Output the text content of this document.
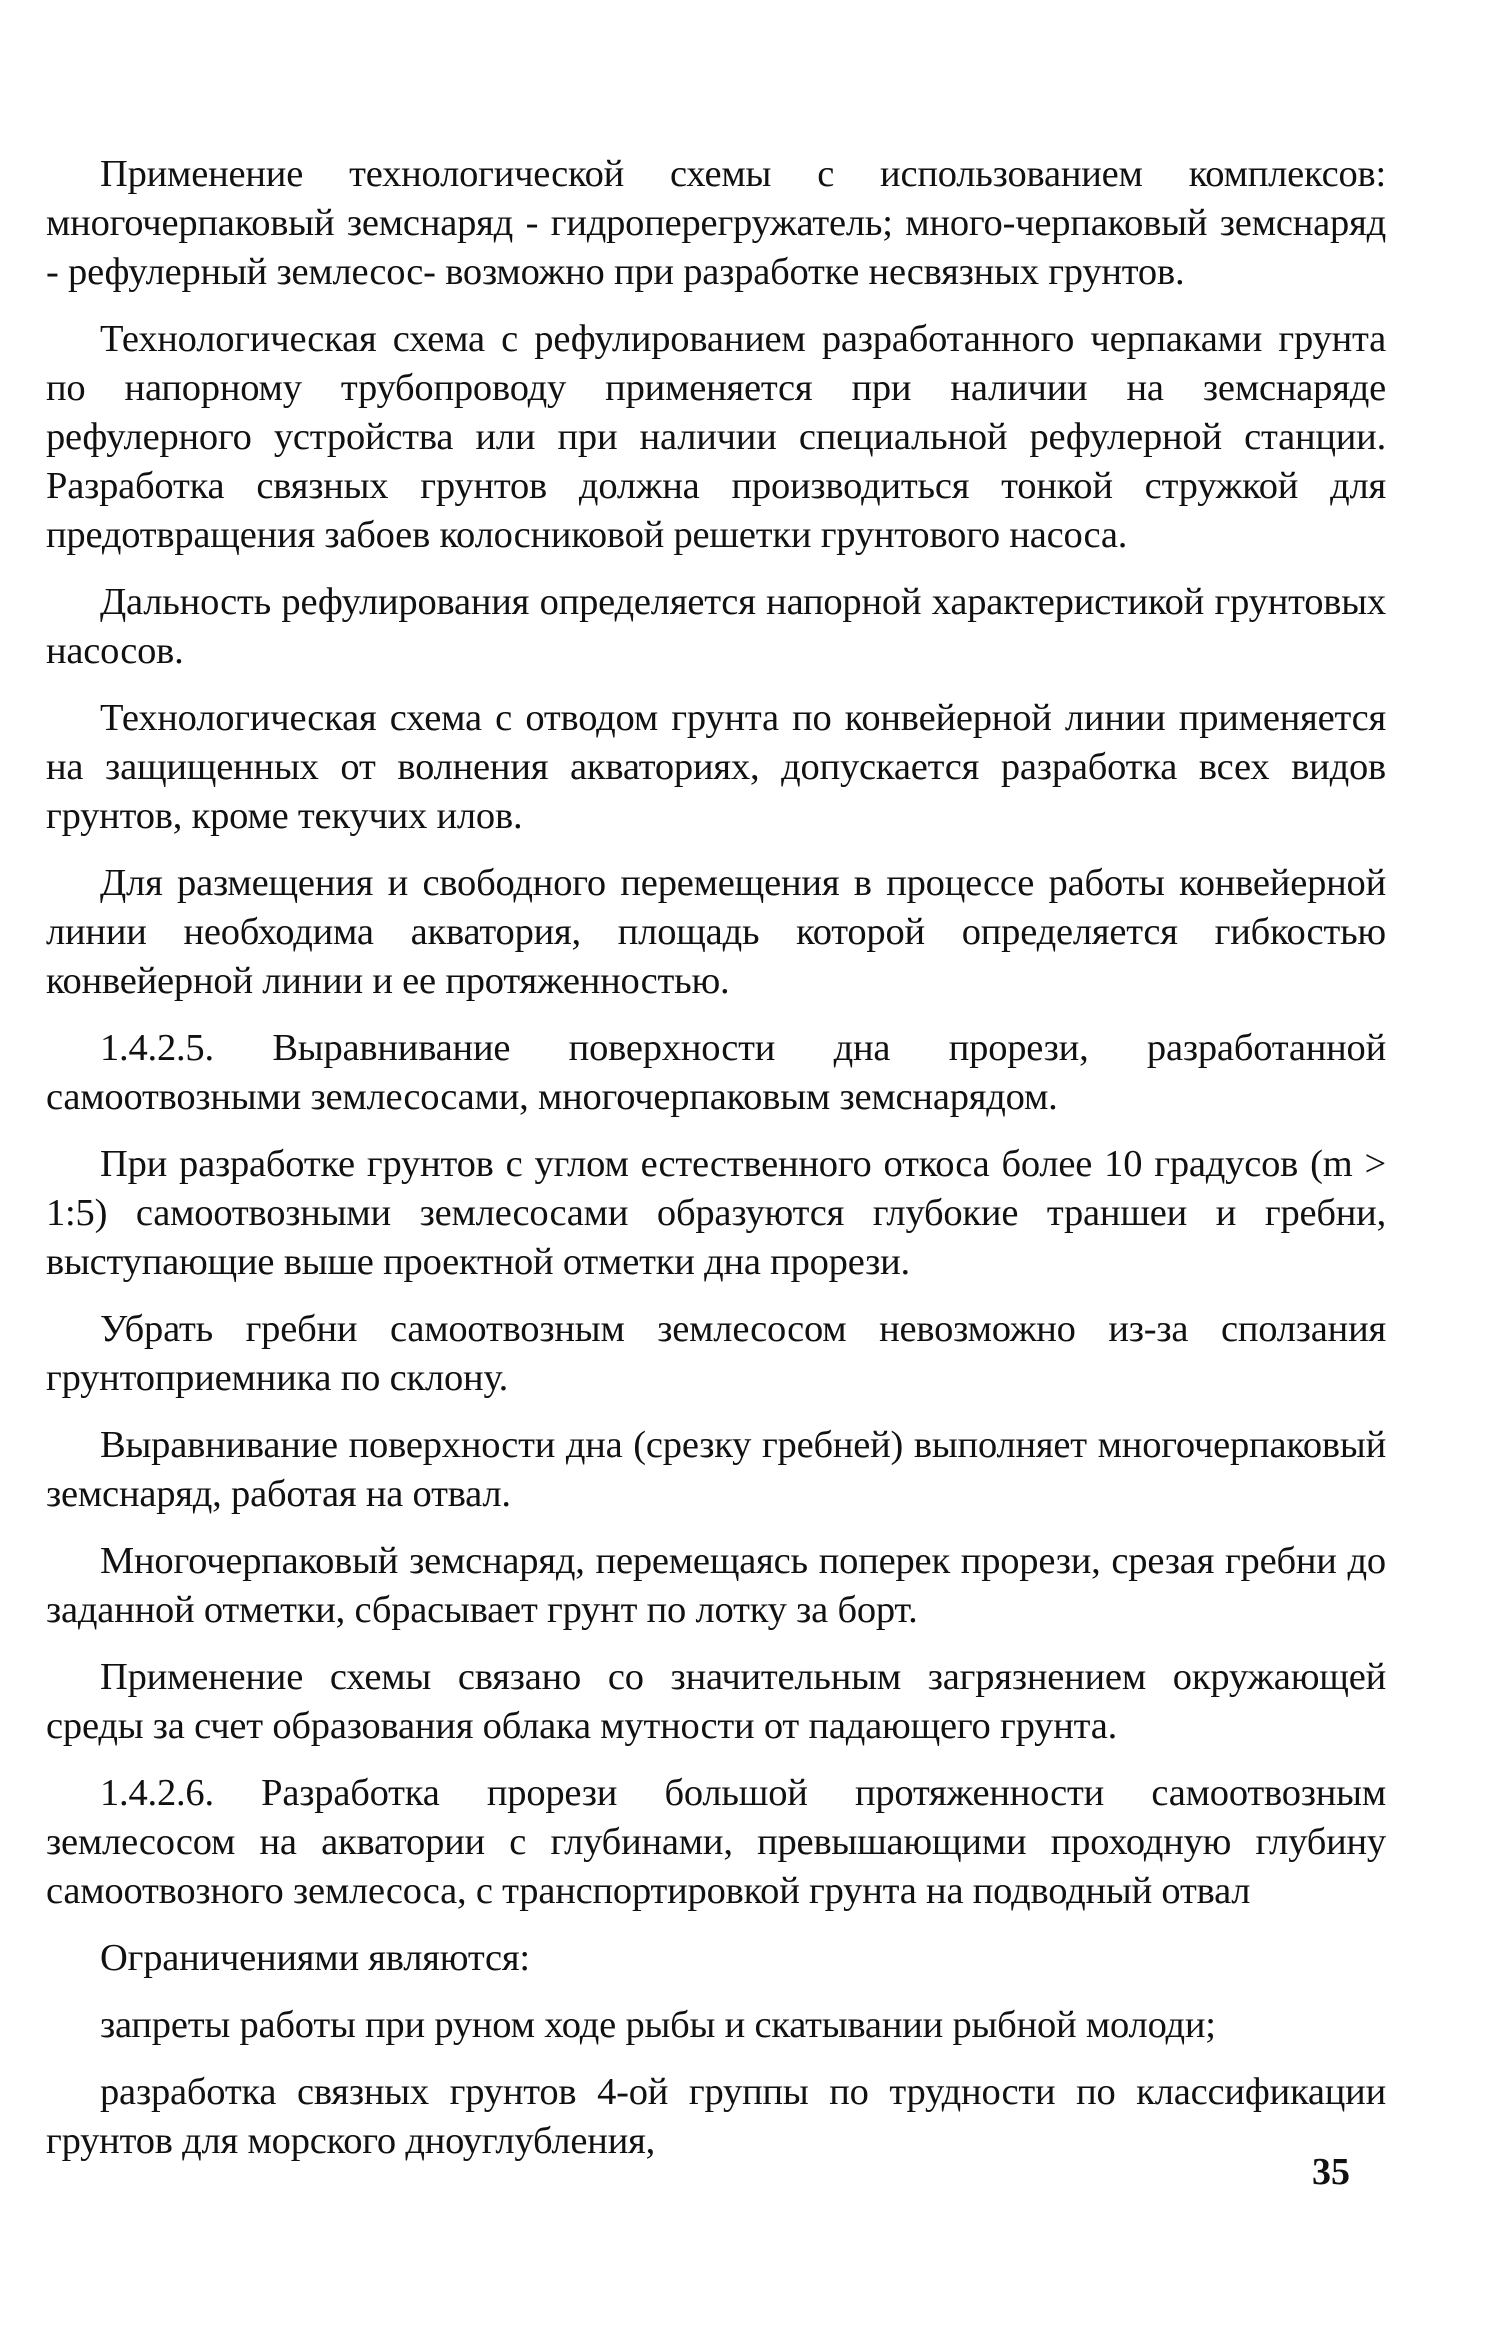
Применение технологической схемы с использованием комплексов: многочерпаковый земснаряд - гидроперегружатель; много-черпаковый земснаряд - рефулерный землесос- возможно при разработке несвязных грунтов.

Технологическая схема с рефулированием разработанного черпаками грунта по напорному трубопроводу применяется при наличии на земснаряде рефулерного устройства или при наличии специальной рефулерной станции. Разработка связных грунтов должна производиться тонкой стружкой для предотвращения забоев колосниковой решетки грунтового насоса.

Дальность рефулирования определяется напорной характеристикой грунтовых насосов.

Технологическая схема с отводом грунта по конвейерной линии применяется на защищенных от волнения акваториях, допускается разработка всех видов грунтов, кроме текучих илов.

Для размещения и свободного перемещения в процессе работы конвейерной линии необходима акватория, площадь которой определяется гибкостью конвейерной линии и ее протяженностью.

1.4.2.5. Выравнивание поверхности дна прорези, разработанной самоотвозными землесосами, многочерпаковым земснарядом.

При разработке грунтов с углом естественного откоса более 10 градусов (m > 1:5) самоотвозными землесосами образуются глубокие траншеи и гребни, выступающие выше проектной отметки дна прорези.

Убрать гребни самоотвозным землесосом невозможно из-за сползания грунтоприемника по склону.

Выравнивание поверхности дна (срезку гребней) выполняет многочерпаковый земснаряд, работая на отвал.

Многочерпаковый земснаряд, перемещаясь поперек прорези, срезая гребни до заданной отметки, сбрасывает грунт по лотку за борт.

Применение схемы связано со значительным загрязнением окружающей среды за счет образования облака мутности от падающего грунта.

1.4.2.6. Разработка прорези большой протяженности самоотвозным землесосом на акватории с глубинами, превышающими проходную глубину самоотвозного землесоса, с транспортировкой грунта на подводный отвал

Ограничениями являются:

запреты работы при руном ходе рыбы и скатывании рыбной молоди;

разработка связных грунтов 4-ой группы по трудности по классификации грунтов для морского дноуглубления,

35
